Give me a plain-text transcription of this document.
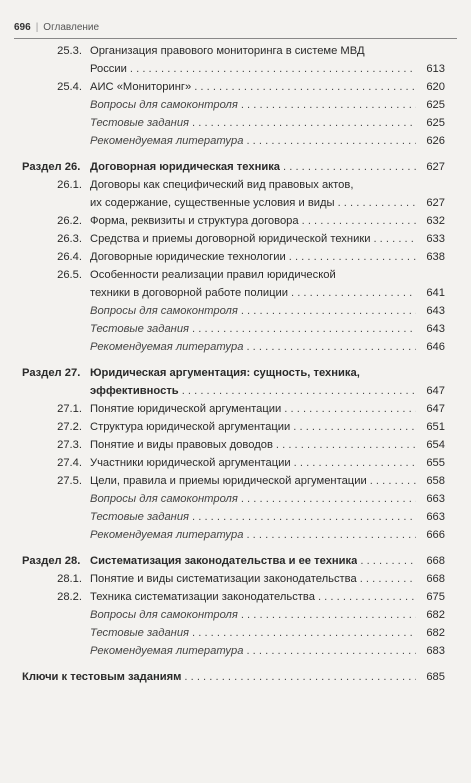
696 | Оглавление
25.3. Организация правового мониторинга в системе МВД
России . . .	613
25.4. АИС «Мониторинг» . . .	620
Вопросы для самоконтроля . . .	625
Тестовые задания . . .	625
Рекомендуемая литература . . .	626
Раздел 26. Договорная юридическая техника . . .	627
26.1. Договоры как специфический вид правовых актов,
их содержание, существенные условия и виды . . .	627
26.2. Форма, реквизиты и структура договора . . .	632
26.3. Средства и приемы договорной юридической техники . . .	633
26.4. Договорные юридические технологии . . .	638
26.5. Особенности реализации правил юридической
техники в договорной работе полиции . . .	641
Вопросы для самоконтроля . . .	643
Тестовые задания . . .	643
Рекомендуемая литература . . .	646
Раздел 27. Юридическая аргументация: сущность, техника,
эффективность . . .	647
27.1. Понятие юридической аргументации . . .	647
27.2. Структура юридической аргументации . . .	651
27.3. Понятие и виды правовых доводов . . .	654
27.4. Участники юридической аргументации . . .	655
27.5. Цели, правила и приемы юридической аргументации . . .	658
Вопросы для самоконтроля . . .	663
Тестовые задания . . .	663
Рекомендуемая литература . . .	666
Раздел 28. Систематизация законодательства и ее техника . . .	668
28.1. Понятие и виды систематизации законодательства . . .	668
28.2. Техника систематизации законодательства . . .	675
Вопросы для самоконтроля . . .	682
Тестовые задания . . .	682
Рекомендуемая литература . . .	683
Ключи к тестовым заданиям . . .	685
